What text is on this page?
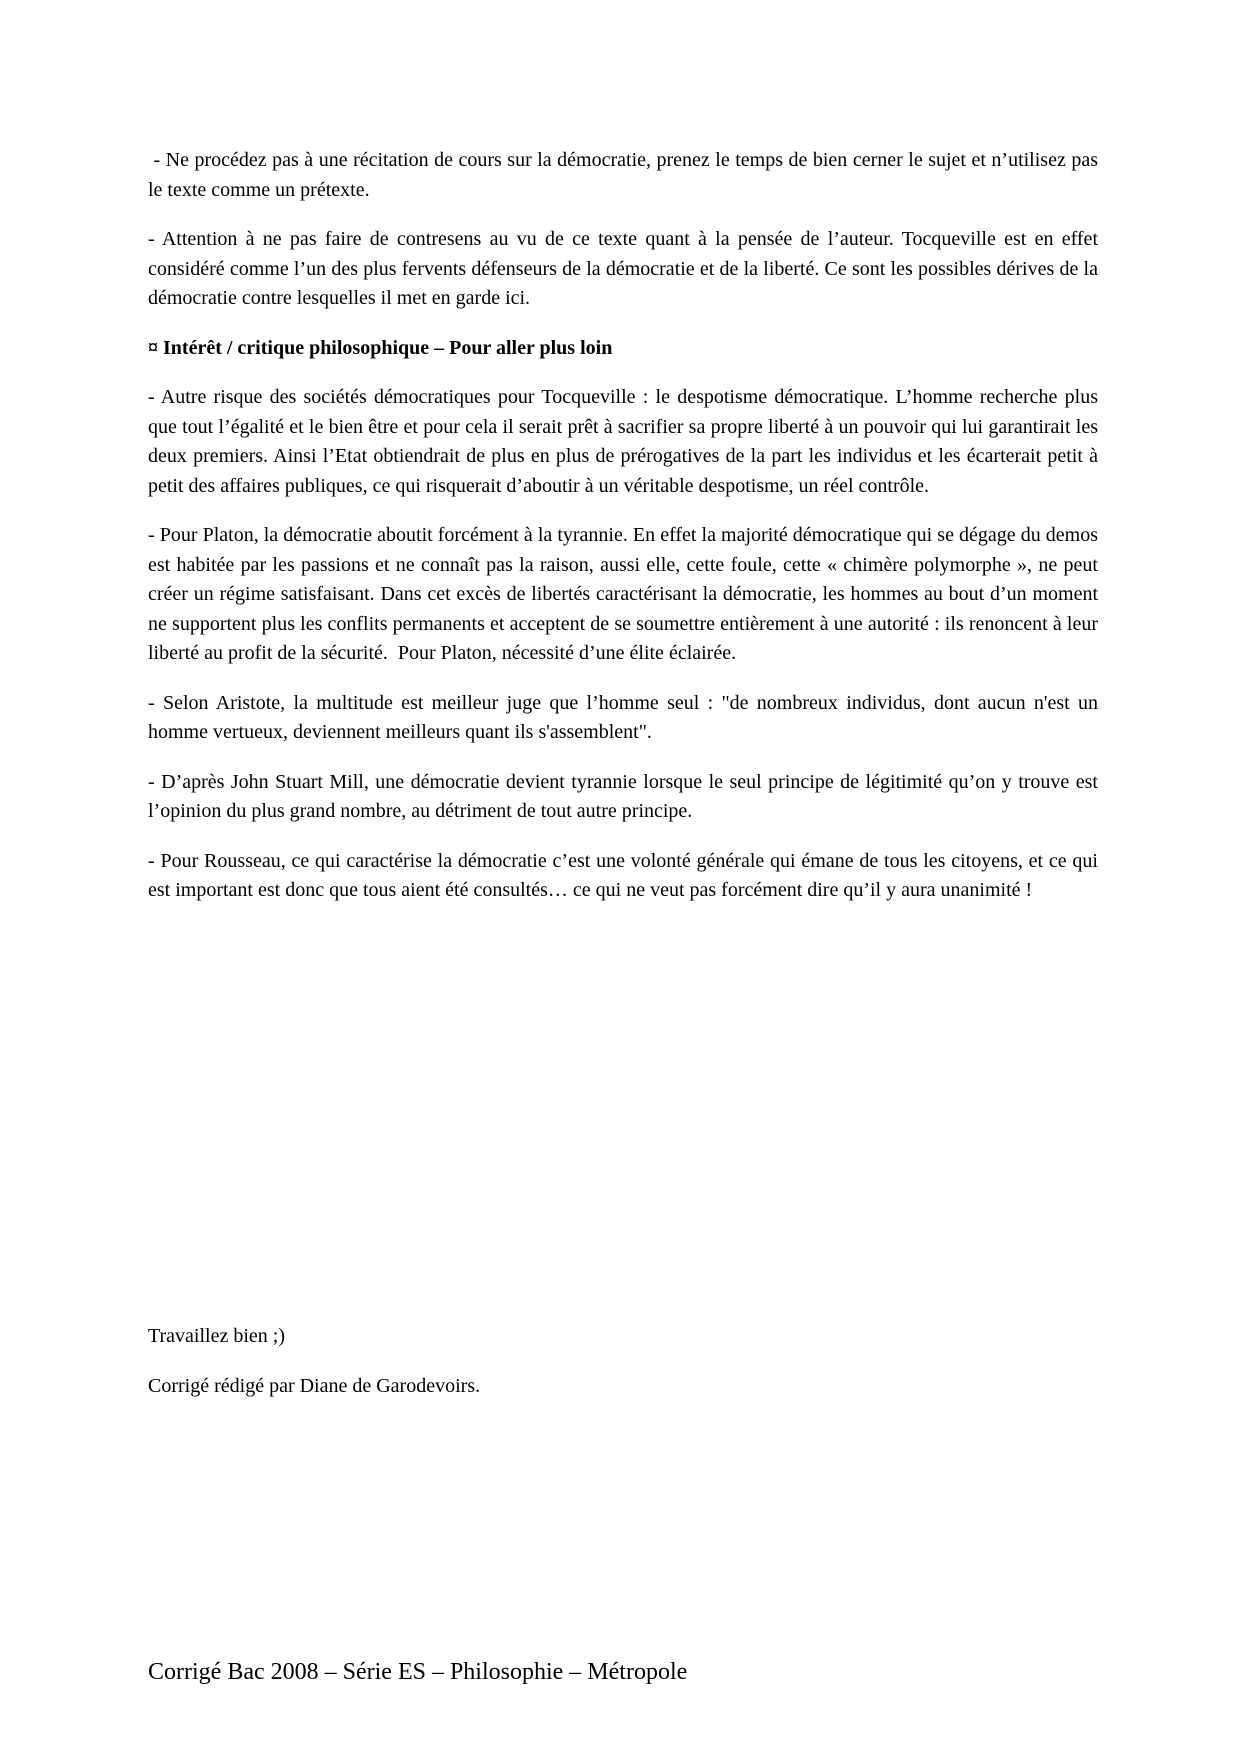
- Ne procédez pas à une récitation de cours sur la démocratie, prenez le temps de bien cerner le sujet et n’utilisez pas le texte comme un prétexte.

- Attention à ne pas faire de contresens au vu de ce texte quant à la pensée de l’auteur. Tocqueville est en effet considéré comme l’un des plus fervents défenseurs de la démocratie et de la liberté. Ce sont les possibles dérives de la démocratie contre lesquelles il met en garde ici.

¤ Intérêt / critique philosophique – Pour aller plus loin

- Autre risque des sociétés démocratiques pour Tocqueville : le despotisme démocratique. L’homme recherche plus que tout l’égalité et le bien être et pour cela il serait prêt à sacrifier sa propre liberté à un pouvoir qui lui garantirait les deux premiers. Ainsi l’Etat obtiendrait de plus en plus de prérogatives de la part les individus et les écarterait petit à petit des affaires publiques, ce qui risquerait d’aboutir à un véritable despotisme, un réel contrôle.

- Pour Platon, la démocratie aboutit forcément à la tyrannie. En effet la majorité démocratique qui se dégage du demos est habitée par les passions et ne connaît pas la raison, aussi elle, cette foule, cette « chimère polymorphe », ne peut créer un régime satisfaisant. Dans cet excès de libertés caractérisant la démocratie, les hommes au bout d’un moment ne supportent plus les conflits permanents et acceptent de se soumettre entièrement à une autorité : ils renoncent à leur liberté au profit de la sécurité.  Pour Platon, nécessité d’une élite éclairée.

- Selon Aristote, la multitude est meilleur juge que l’homme seul : "de nombreux individus, dont aucun n'est un homme vertueux, deviennent meilleurs quant ils s'assemblent".

- D’après John Stuart Mill, une démocratie devient tyrannie lorsque le seul principe de légitimité qu’on y trouve est l’opinion du plus grand nombre, au détriment de tout autre principe.

- Pour Rousseau, ce qui caractérise la démocratie c’est une volonté générale qui émane de tous les citoyens, et ce qui est important est donc que tous aient été consultés… ce qui ne veut pas forcément dire qu’il y aura unanimité !

Travaillez bien ;)

Corrigé rédigé par Diane de Garodevoirs.

Corrigé Bac 2008 – Série ES – Philosophie – Métropole
